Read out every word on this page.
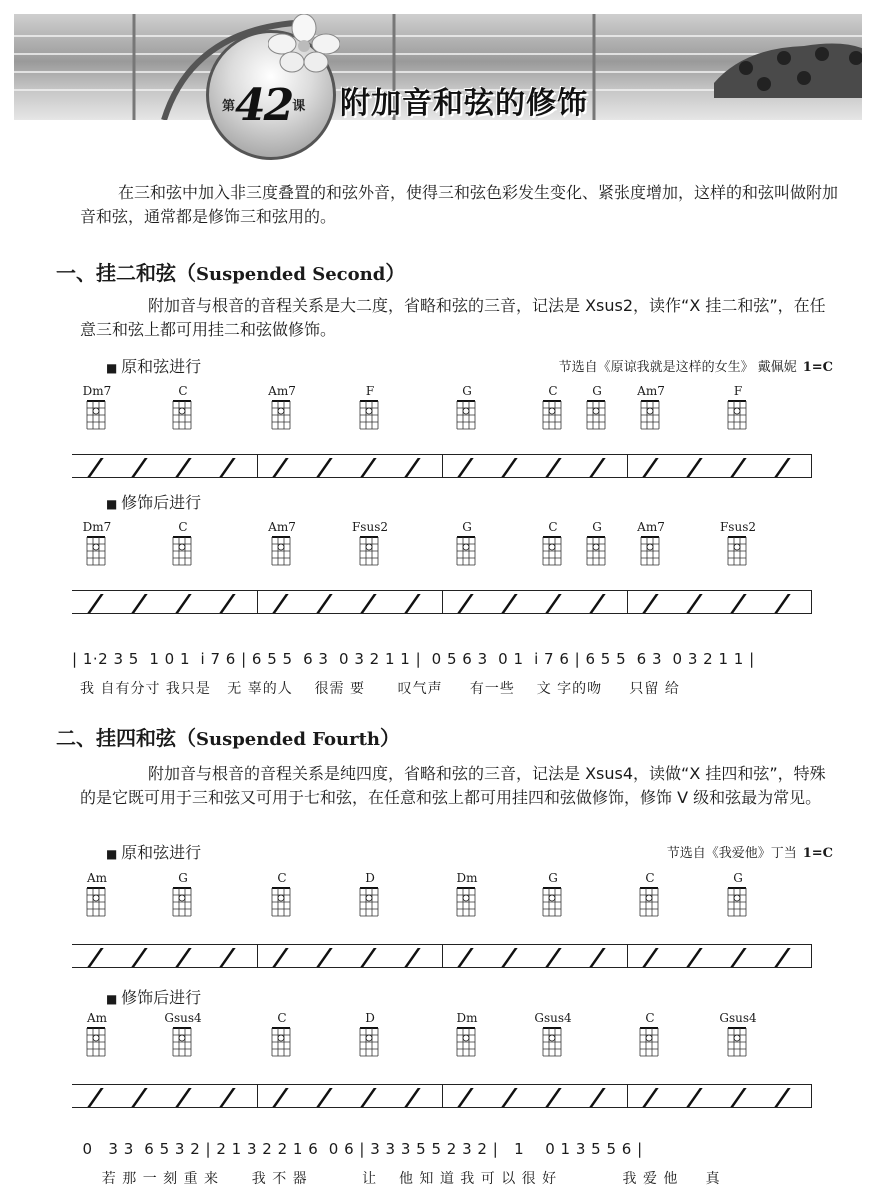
$^第42^课$ 附加音和弦的修饰

在三和弦中加入非三度叠置的和弦外音，使得三和弦色彩发生变化、紧张度增加，这样的和弦叫做附加音和弦，通常都是修饰三和弦用的。

一、挂二和弦（Suspended Second）

附加音与根音的音程关系是大二度，省略和弦的三音，记法是 Xsus2，读作“X 挂二和弦”，在任意三和弦上都可用挂二和弦做修饰。

■ 原和弦进行	节选自《原谅我就是这样的女生》 戴佩妮 1=C
Dm7	C	Am7	F	G	C	G	Am7	F
■ 修饰后进行
Dm7	C	Am7	Fsus2	G	C	G	Am7	Fsus2
| 1·2 3 5  1 0 1  i 7 6 | 6 5 5  6 3  0 3 2 1 1 |  0 5 6 3  0 1  i 7 6 | 6 5 5  6 3  0 3 2 1 1 |
我 自有分寸 我只是   无 辜的人    很需 要      叹气声     有一些    文 字的吻     只留 给
二、挂四和弦（Suspended Fourth）

附加音与根音的音程关系是纯四度，省略和弦的三音，记法是 Xsus4，读做“X 挂四和弦”，特殊的是它既可用于三和弦又可用于七和弦，在任意和弦上都可用挂四和弦做修饰，修饰 V 级和弦最为常见。

■ 原和弦进行	节选自《我爱他》丁当 1=C
Am	G	C	D	Dm	G	C	G
■ 修饰后进行
Am	Gsus4	C	D	Dm	Gsus4	C	Gsus4
0   3 3  6 5 3 2 | 2 1 3 2 2 1 6  0 6 | 3 3 3 5 5 2 3 2 |   1    0 1 3 5 5 6 |
若 那 一 刻 重 来      我 不 器          让    他 知 道 我 可 以 很 好            我 爱 他     真
